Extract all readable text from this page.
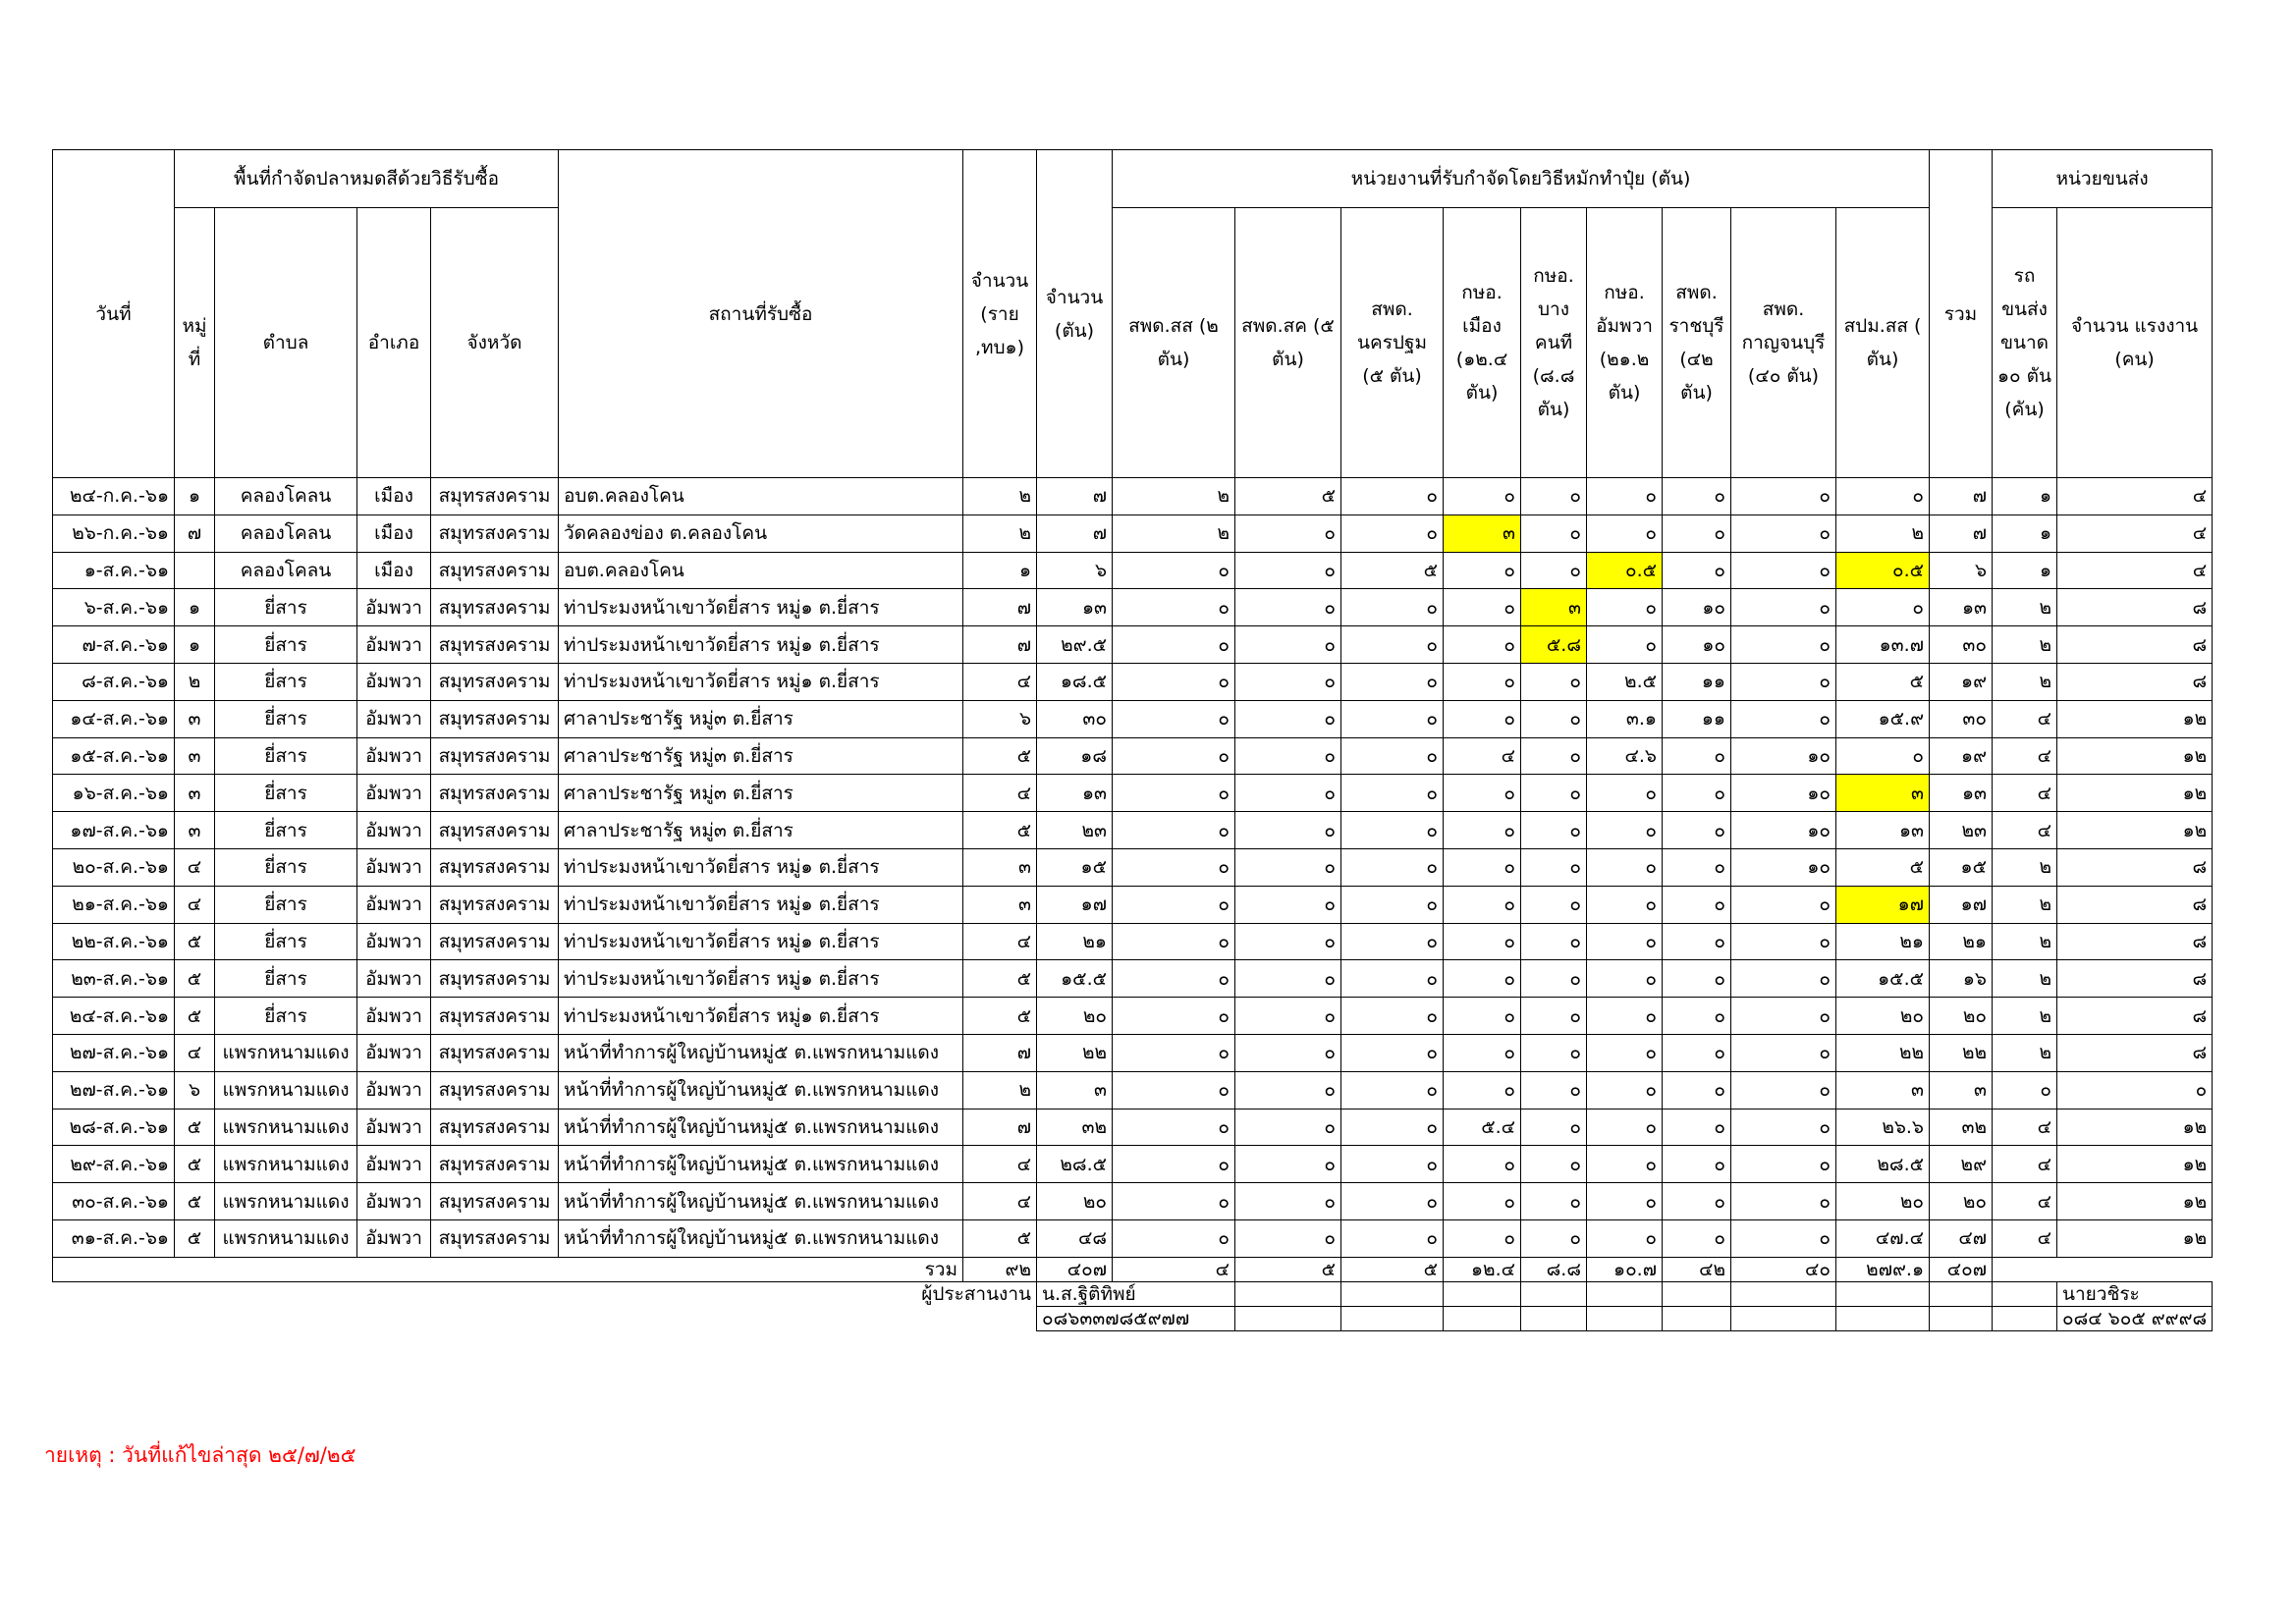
วันที่	พื้นที่กำจัดปลาหมดสีด้วยวิธีรับซื้อ				สถานที่รับซื้อ	จำนวน (ราย ,ทบ๑)	จำนวน (ตัน)	หน่วยงานที่รับกำจัดโดยวิธีหมักทำปุ๋ย (ตัน)									รวม	หน่วยขนส่ง	
	หมู่ที่	ตำบล	อำเภอ	จังหวัด				สพด.สส (๒ ตัน)	สพด.สค (๕ ตัน)	สพด. นครปฐม (๕ ตัน)	กษอ. เมือง (๑๒.๔ ตัน)	กษอ. บาง คนที (๘.๘ ตัน)	กษอ. อัมพวา (๒๑.๒ ตัน)	สพด. ราชบุรี (๔๒ ตัน)	สพด. กาญจนบุรี (๔๐ ตัน)	สปม.สส ( ตัน)		รถ ขนส่ง ขนาด ๑๐ ตัน (คัน)	จำนวน แรงงาน (คน)
๒๔-ก.ค.-๖๑	๑	คลองโคลน	เมือง	สมุทรสงคราม	อบต.คลองโคน	๒	๗	๒	๕	๐	๐	๐	๐	๐	๐	๐	๗	๑	๔
๒๖-ก.ค.-๖๑	๗	คลองโคลน	เมือง	สมุทรสงคราม	วัดคลองข่อง ต.คลองโคน	๒	๗	๒	๐	๐	๓	๐	๐	๐	๐	๒	๗	๑	๔
๑-ส.ค.-๖๑		คลองโคลน	เมือง	สมุทรสงคราม	อบต.คลองโคน	๑	๖	๐	๐	๕	๐	๐	๐.๕	๐	๐	๐.๕	๖	๑	๔
๖-ส.ค.-๖๑	๑	ยี่สาร	อัมพวา	สมุทรสงคราม	ท่าประมงหน้าเขาวัดยี่สาร หมู่๑ ต.ยี่สาร	๗	๑๓	๐	๐	๐	๐	๓	๐	๑๐	๐	๐	๑๓	๒	๘
๗-ส.ค.-๖๑	๑	ยี่สาร	อัมพวา	สมุทรสงคราม	ท่าประมงหน้าเขาวัดยี่สาร หมู่๑ ต.ยี่สาร	๗	๒๙.๕	๐	๐	๐	๐	๕.๘	๐	๑๐	๐	๑๓.๗	๓๐	๒	๘
๘-ส.ค.-๖๑	๒	ยี่สาร	อัมพวา	สมุทรสงคราม	ท่าประมงหน้าเขาวัดยี่สาร หมู่๑ ต.ยี่สาร	๔	๑๘.๕	๐	๐	๐	๐	๐	๒.๕	๑๑	๐	๕	๑๙	๒	๘
๑๔-ส.ค.-๖๑	๓	ยี่สาร	อัมพวา	สมุทรสงคราม	ศาลาประชารัฐ หมู่๓ ต.ยี่สาร	๖	๓๐	๐	๐	๐	๐	๐	๓.๑	๑๑	๐	๑๕.๙	๓๐	๔	๑๒
๑๕-ส.ค.-๖๑	๓	ยี่สาร	อัมพวา	สมุทรสงคราม	ศาลาประชารัฐ หมู่๓ ต.ยี่สาร	๕	๑๘	๐	๐	๐	๔	๐	๔.๖	๐	๑๐	๐	๑๙	๔	๑๒
๑๖-ส.ค.-๖๑	๓	ยี่สาร	อัมพวา	สมุทรสงคราม	ศาลาประชารัฐ หมู่๓ ต.ยี่สาร	๔	๑๓	๐	๐	๐	๐	๐	๐	๐	๑๐	๓	๑๓	๔	๑๒
๑๗-ส.ค.-๖๑	๓	ยี่สาร	อัมพวา	สมุทรสงคราม	ศาลาประชารัฐ หมู่๓ ต.ยี่สาร	๕	๒๓	๐	๐	๐	๐	๐	๐	๐	๑๐	๑๓	๒๓	๔	๑๒
๒๐-ส.ค.-๖๑	๔	ยี่สาร	อัมพวา	สมุทรสงคราม	ท่าประมงหน้าเขาวัดยี่สาร หมู่๑ ต.ยี่สาร	๓	๑๕	๐	๐	๐	๐	๐	๐	๐	๑๐	๕	๑๕	๒	๘
๒๑-ส.ค.-๖๑	๔	ยี่สาร	อัมพวา	สมุทรสงคราม	ท่าประมงหน้าเขาวัดยี่สาร หมู่๑ ต.ยี่สาร	๓	๑๗	๐	๐	๐	๐	๐	๐	๐	๐	๑๗	๑๗	๒	๘
๒๒-ส.ค.-๖๑	๕	ยี่สาร	อัมพวา	สมุทรสงคราม	ท่าประมงหน้าเขาวัดยี่สาร หมู่๑ ต.ยี่สาร	๔	๒๑	๐	๐	๐	๐	๐	๐	๐	๐	๒๑	๒๑	๒	๘
๒๓-ส.ค.-๖๑	๕	ยี่สาร	อัมพวา	สมุทรสงคราม	ท่าประมงหน้าเขาวัดยี่สาร หมู่๑ ต.ยี่สาร	๕	๑๕.๕	๐	๐	๐	๐	๐	๐	๐	๐	๑๕.๕	๑๖	๒	๘
๒๔-ส.ค.-๖๑	๕	ยี่สาร	อัมพวา	สมุทรสงคราม	ท่าประมงหน้าเขาวัดยี่สาร หมู่๑ ต.ยี่สาร	๕	๒๐	๐	๐	๐	๐	๐	๐	๐	๐	๒๐	๒๐	๒	๘
๒๗-ส.ค.-๖๑	๔	แพรกหนามแดง	อัมพวา	สมุทรสงคราม	หน้าที่ทำการผู้ใหญ่บ้านหมู่๕ ต.แพรกหนามแดง	๗	๒๒	๐	๐	๐	๐	๐	๐	๐	๐	๒๒	๒๒	๒	๘
๒๗-ส.ค.-๖๑	๖	แพรกหนามแดง	อัมพวา	สมุทรสงคราม	หน้าที่ทำการผู้ใหญ่บ้านหมู่๕ ต.แพรกหนามแดง	๒	๓	๐	๐	๐	๐	๐	๐	๐	๐	๓	๓	๐	๐
๒๘-ส.ค.-๖๑	๕	แพรกหนามแดง	อัมพวา	สมุทรสงคราม	หน้าที่ทำการผู้ใหญ่บ้านหมู่๕ ต.แพรกหนามแดง	๗	๓๒	๐	๐	๐	๕.๔	๐	๐	๐	๐	๒๖.๖	๓๒	๔	๑๒
๒๙-ส.ค.-๖๑	๕	แพรกหนามแดง	อัมพวา	สมุทรสงคราม	หน้าที่ทำการผู้ใหญ่บ้านหมู่๕ ต.แพรกหนามแดง	๔	๒๘.๕	๐	๐	๐	๐	๐	๐	๐	๐	๒๘.๕	๒๙	๔	๑๒
๓๐-ส.ค.-๖๑	๕	แพรกหนามแดง	อัมพวา	สมุทรสงคราม	หน้าที่ทำการผู้ใหญ่บ้านหมู่๕ ต.แพรกหนามแดง	๔	๒๐	๐	๐	๐	๐	๐	๐	๐	๐	๒๐	๒๐	๔	๑๒
๓๑-ส.ค.-๖๑	๕	แพรกหนามแดง	อัมพวา	สมุทรสงคราม	หน้าที่ทำการผู้ใหญ่บ้านหมู่๕ ต.แพรกหนามแดง	๕	๔๘	๐	๐	๐	๐	๐	๐	๐	๐	๔๗.๔	๔๗	๔	๑๒
รวม						๙๒	๔๐๗	๔	๕	๕	๑๒.๔	๘.๘	๑๐.๗	๔๒	๔๐	๒๗๙.๑	๔๐๗		
ผู้ประสานงาน							น.ส.ฐิติทิพย์												นายวชิระ
							๐๘๖๓๓๗๘๕๙๗๗												๐๘๔ ๖๐๕ ๙๙๙๘
ายเหตุ : วันที่แก้ไขล่าสุด ๒๕/๗/๒๕
